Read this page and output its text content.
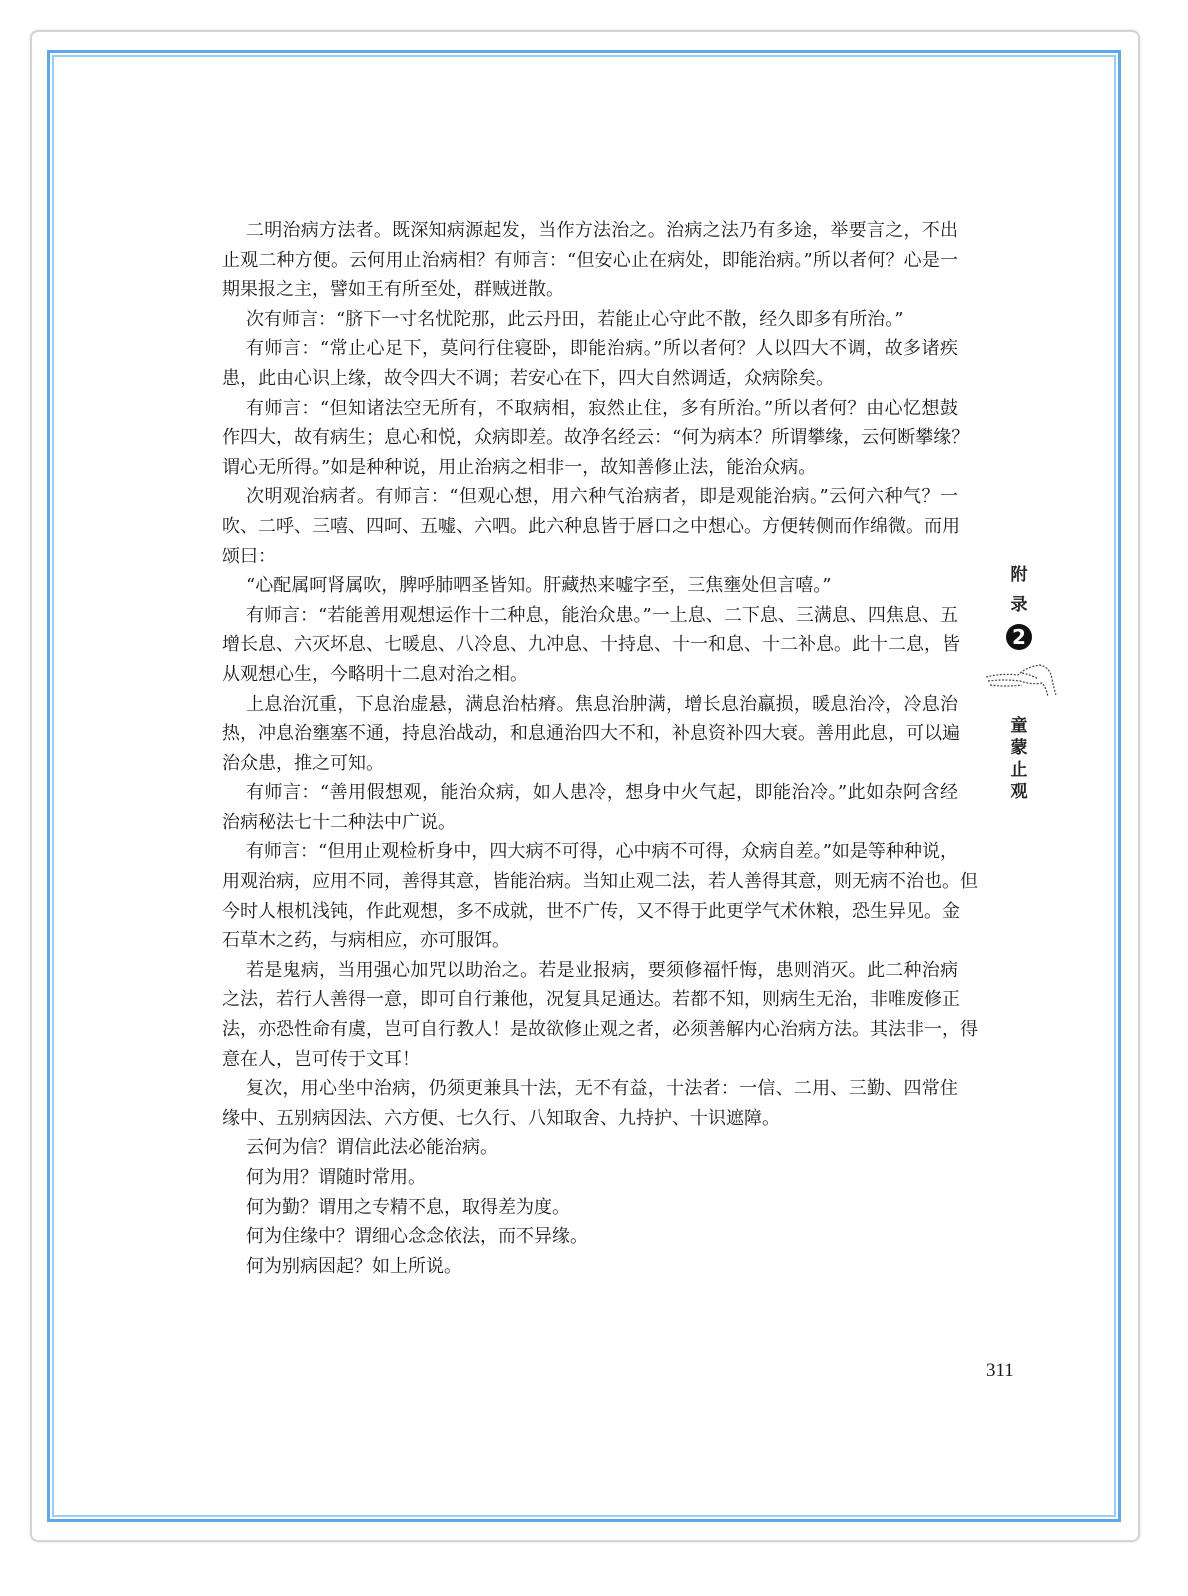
二明治病方法者。既深知病源起发，当作方法治之。治病之法乃有多途，举要言之，不出
止观二种方便。云何用止治病相？有师言：“但安心止在病处，即能治病。”所以者何？心是一
期果报之主，譬如王有所至处，群贼迸散。
次有师言：“脐下一寸名忧陀那，此云丹田，若能止心守此不散，经久即多有所治。”
有师言：“常止心足下，莫问行住寝卧，即能治病。”所以者何？人以四大不调，故多诸疾
患，此由心识上缘，故令四大不调；若安心在下，四大自然调适，众病除矣。
有师言：“但知诸法空无所有，不取病相，寂然止住，多有所治。”所以者何？由心忆想鼓
作四大，故有病生；息心和悦，众病即差。故净名经云：“何为病本？所谓攀缘，云何断攀缘？
谓心无所得。”如是种种说，用止治病之相非一，故知善修止法，能治众病。
次明观治病者。有师言：“但观心想，用六种气治病者，即是观能治病。”云何六种气？一
吹、二呼、三嘻、四呵、五嘘、六呬。此六种息皆于唇口之中想心。方便转侧而作绵微。而用
颂曰：
“心配属呵肾属吹，脾呼肺呬圣皆知。肝藏热来嘘字至，三焦壅处但言嘻。”
有师言：“若能善用观想运作十二种息，能治众患。”一上息、二下息、三满息、四焦息、五
增长息、六灭坏息、七暖息、八冷息、九冲息、十持息、十一和息、十二补息。此十二息，皆
从观想心生，今略明十二息对治之相。
上息治沉重，下息治虚悬，满息治枯瘠。焦息治肿满，增长息治羸损，暖息治冷，冷息治
热，冲息治壅塞不通，持息治战动，和息通治四大不和，补息资补四大衰。善用此息，可以遍
治众患，推之可知。
有师言：“善用假想观，能治众病，如人患冷，想身中火气起，即能治冷。”此如杂阿含经
治病秘法七十二种法中广说。
有师言：“但用止观检析身中，四大病不可得，心中病不可得，众病自差。”如是等种种说，
用观治病，应用不同，善得其意，皆能治病。当知止观二法，若人善得其意，则无病不治也。但
今时人根机浅钝，作此观想，多不成就，世不广传，又不得于此更学气术休粮，恐生异见。金
石草木之药，与病相应，亦可服饵。
若是鬼病，当用强心加咒以助治之。若是业报病，要须修福忏悔，患则消灭。此二种治病
之法，若行人善得一意，即可自行兼他，况复具足通达。若都不知，则病生无治，非唯废修正
法，亦恐性命有虞，岂可自行教人！是故欲修止观之者，必须善解内心治病方法。其法非一，得
意在人，岂可传于文耳！
复次，用心坐中治病，仍须更兼具十法，无不有益，十法者：一信、二用、三勤、四常住
缘中、五别病因法、六方便、七久行、八知取舍、九持护、十识遮障。
云何为信？谓信此法必能治病。
何为用？谓随时常用。
何为勤？谓用之专精不息，取得差为度。
何为住缘中？谓细心念念依法，而不异缘。
何为别病因起？如上所说。
附
录
2
童
蒙
止
观
311
